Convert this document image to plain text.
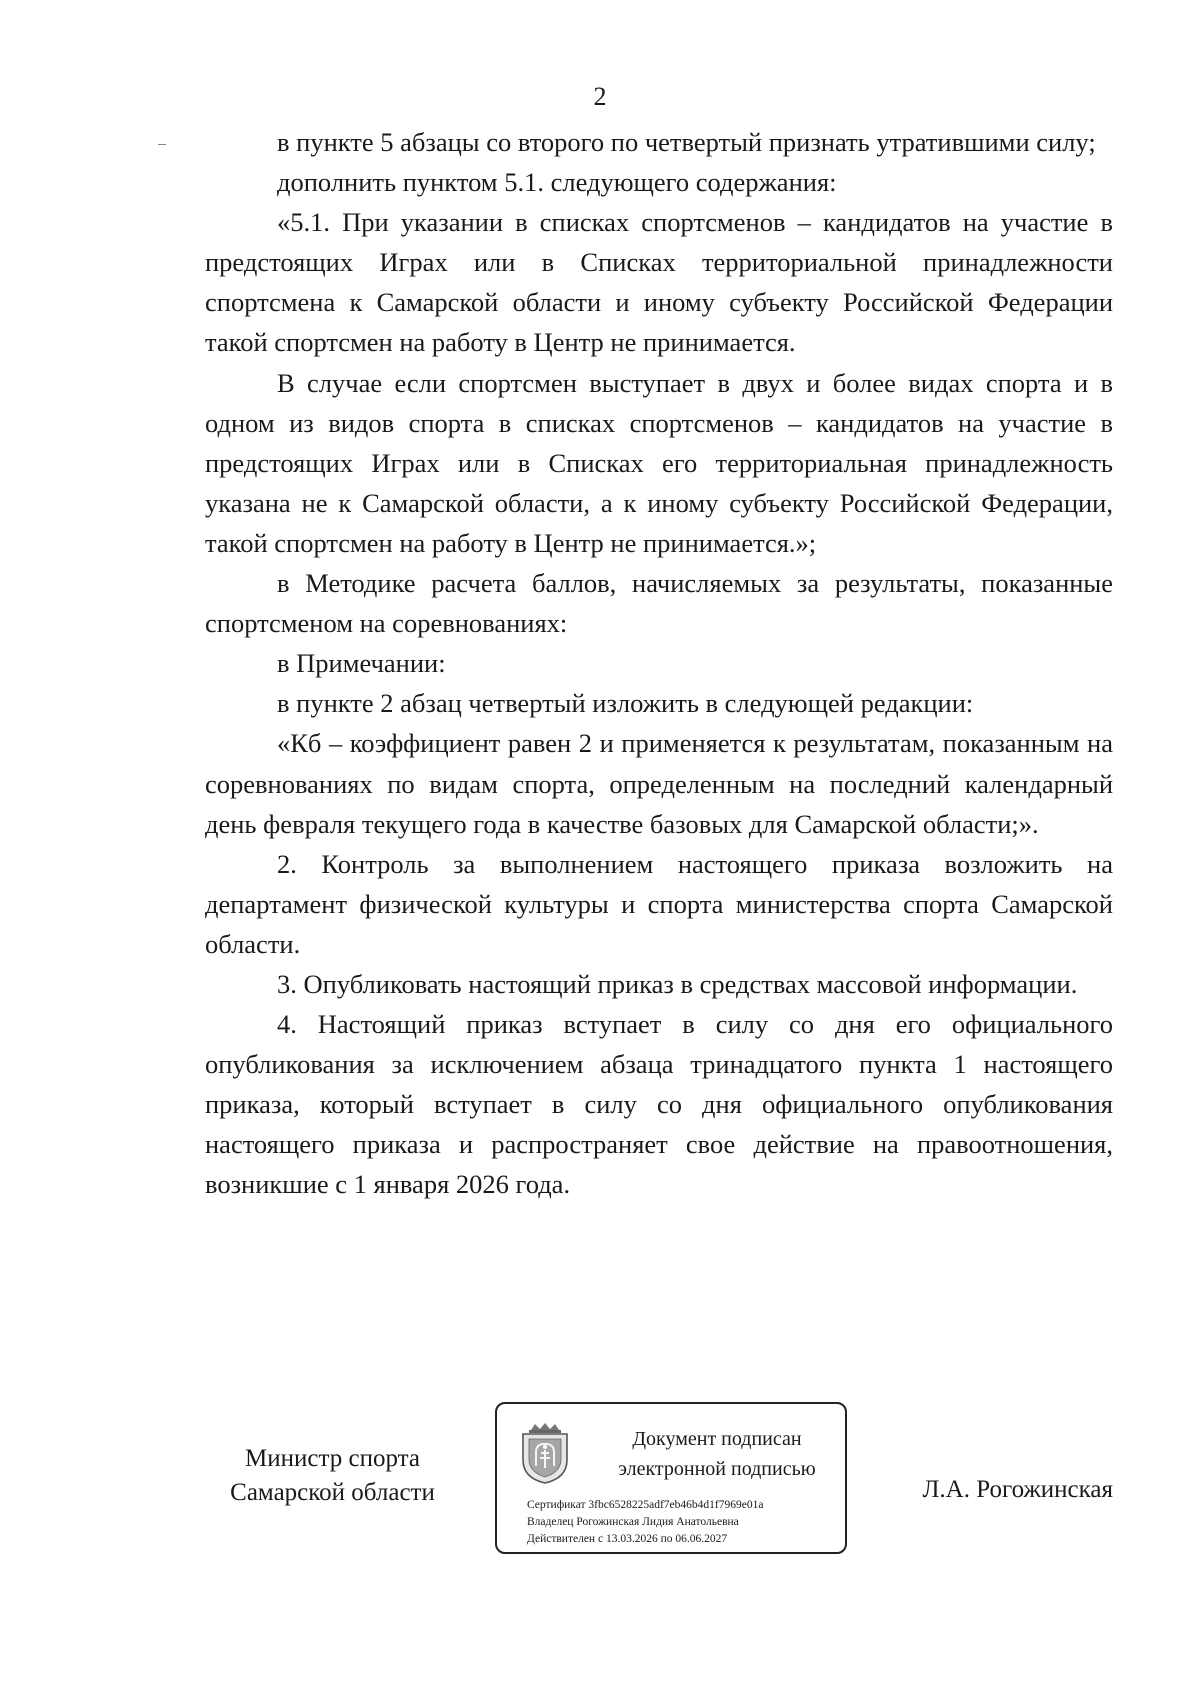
2

в пункте 5 абзацы со второго по четвертый признать утратившими силу;

дополнить пунктом 5.1. следующего содержания:

«5.1. При указании в списках спортсменов – кандидатов на участие в предстоящих Играх или в Списках территориальной принадлежности спортсмена к Самарской области и иному субъекту Российской Федерации такой спортсмен на работу в Центр не принимается.

В случае если спортсмен выступает в двух и более видах спорта и в одном из видов спорта в списках спортсменов – кандидатов на участие в предстоящих Играх или в Списках его территориальная принадлежность указана не к Самарской области, а к иному субъекту Российской Федерации, такой спортсмен на работу в Центр не принимается.»;

в Методике расчета баллов, начисляемых за результаты, показанные спортсменом на соревнованиях:

в Примечании:

в пункте 2 абзац четвертый изложить в следующей редакции:

«Кб – коэффициент равен 2 и применяется к результатам, показанным на соревнованиях по видам спорта, определенным на последний календарный день февраля текущего года в качестве базовых для Самарской области;».

2. Контроль за выполнением настоящего приказа возложить на департамент физической культуры и спорта министерства спорта Самарской области.

3. Опубликовать настоящий приказ в средствах массовой информации.

4. Настоящий приказ вступает в силу со дня его официального опубликования за исключением абзаца тринадцатого пункта 1 настоящего приказа, который вступает в силу со дня официального опубликования настоящего приказа и распространяет свое действие на правоотношения, возникшие с 1 января 2026 года.

Министр спорта
Самарской области
Документ подписан
электронной подписью
Сертификат 3fbc6528225adf7eb46b4d1f7969e01a
Владелец Рогожинская Лидия Анатольевна
Действителен с 13.03.2026 по 06.06.2027
Л.А. Рогожинская
